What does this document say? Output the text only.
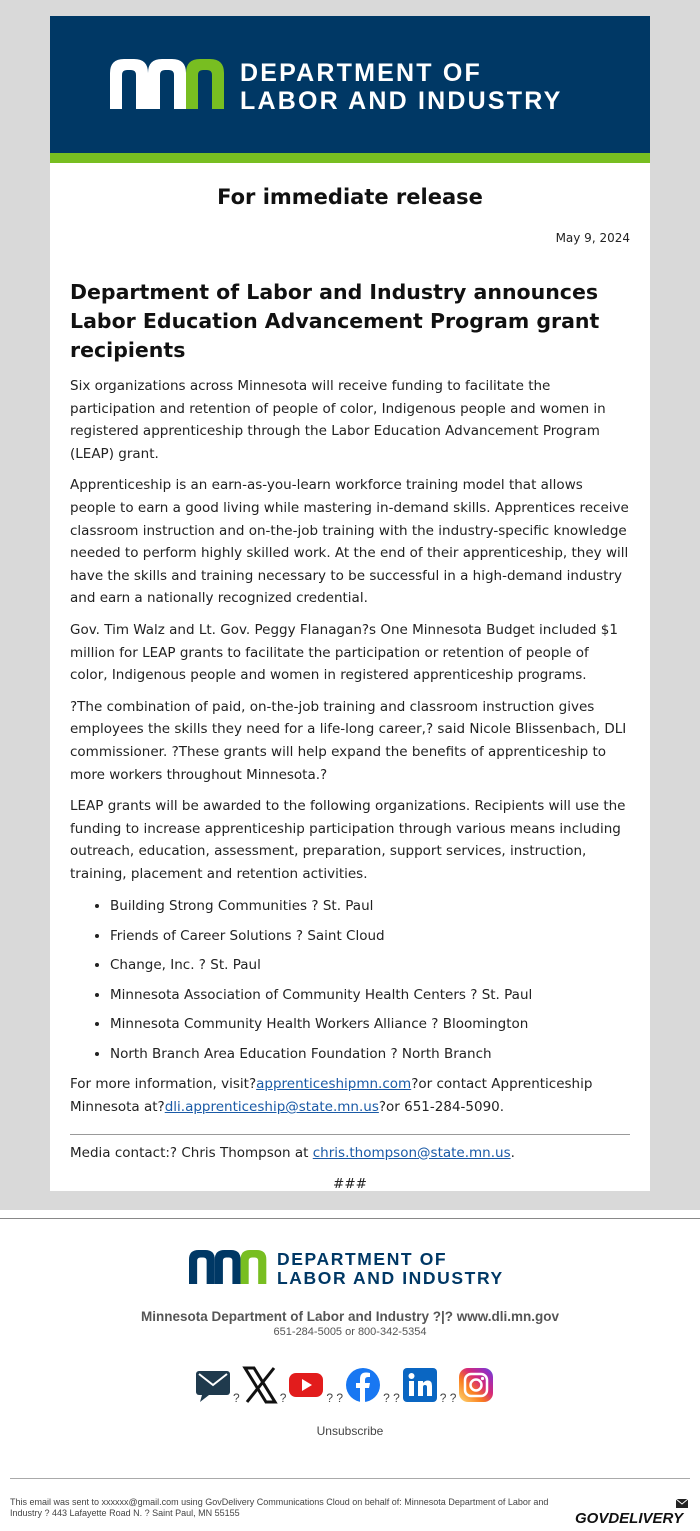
DEPARTMENT OF
LABOR AND INDUSTRY
For immediate release
May 9, 2024
Department of Labor and Industry announces Labor Education Advancement Program grant recipients

Six organizations across Minnesota will receive funding to facilitate the participation and retention of people of color, Indigenous people and women in registered apprenticeship through the Labor Education Advancement Program (LEAP) grant.

Apprenticeship is an earn-as-you-learn workforce training model that allows people to earn a good living while mastering in-demand skills. Apprentices receive classroom instruction and on-the-job training with the industry-specific knowledge needed to perform highly skilled work. At the end of their apprenticeship, they will have the skills and training necessary to be successful in a high-demand industry and earn a nationally recognized credential.

Gov. Tim Walz and Lt. Gov. Peggy Flanagan?s One Minnesota Budget included $1 million for LEAP grants to facilitate the participation or retention of people of color, Indigenous people and women in registered apprenticeship programs.

?The combination of paid, on-the-job training and classroom instruction gives employees the skills they need for a life-long career,? said Nicole Blissenbach, DLI commissioner. ?These grants will help expand the benefits of apprenticeship to more workers throughout Minnesota.?

LEAP grants will be awarded to the following organizations. Recipients will use the funding to increase apprenticeship participation through various means including outreach, education, assessment, preparation, support services, instruction, training, placement and retention activities.

• Building Strong Communities ? St. Paul
• Friends of Career Solutions ? Saint Cloud
• Change, Inc. ? St. Paul
• Minnesota Association of Community Health Centers ? St. Paul
• Minnesota Community Health Workers Alliance ? Bloomington
• North Branch Area Education Foundation ? North Branch

For more information, visit?apprenticeshipmn.com?or contact Apprenticeship Minnesota at?dli.apprenticeship@state.mn.us?or 651-284-5090.

Media contact:? Chris Thompson at chris.thompson@state.mn.us.
###
DEPARTMENT OF
LABOR AND INDUSTRY
Minnesota Department of Labor and Industry ?|? www.dli.mn.gov
651-284-5005 or 800-342-5354
?	?	? ?	? ?	? ?
Unsubscribe
This email was sent to xxxxxx@gmail.com using GovDelivery Communications Cloud on behalf of: Minnesota Department of Labor and Industry ? 443 Lafayette Road N. ? Saint Paul, MN 55155	GOVDELIVERY
